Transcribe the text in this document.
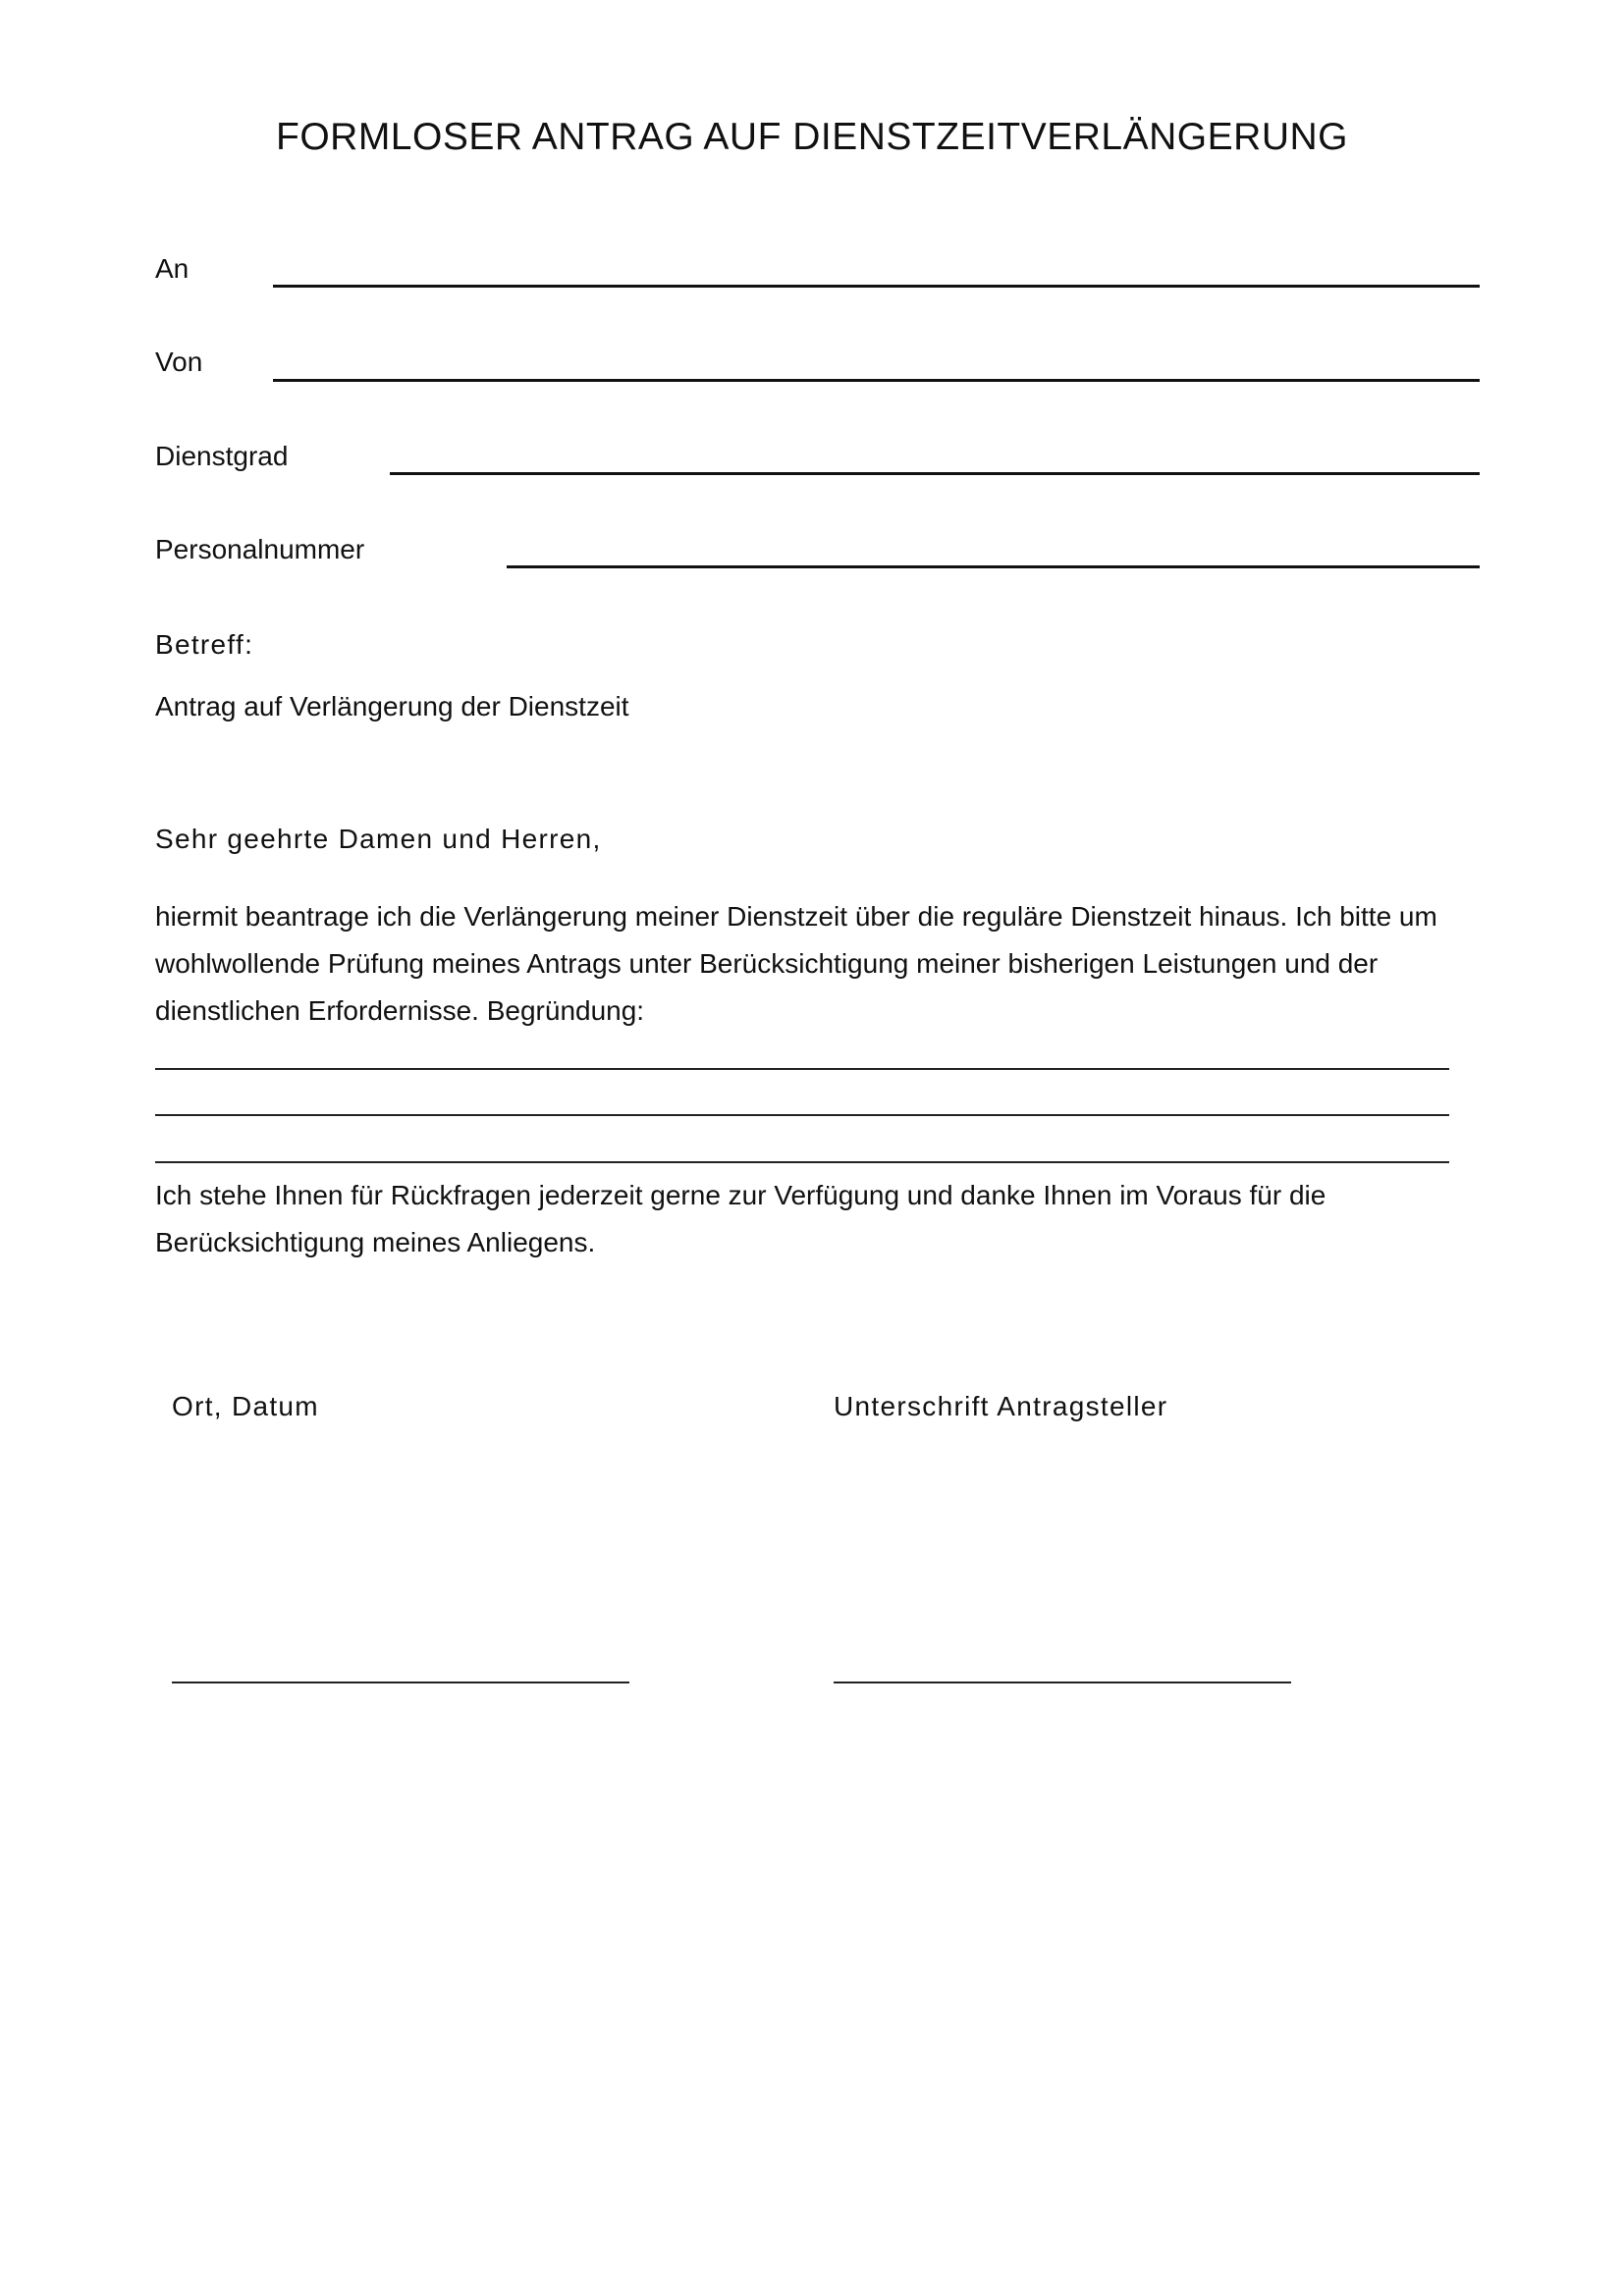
FORMLOSER ANTRAG AUF DIENSTZEITVERLÄNGERUNG
An
Von
Dienstgrad
Personalnummer
Betreff:
Antrag auf Verlängerung der Dienstzeit
Sehr geehrte Damen und Herren,

hiermit beantrage ich die Verlängerung meiner Dienstzeit über die reguläre Dienstzeit hinaus. Ich bitte um wohlwollende Prüfung meines Antrags unter Berücksichtigung meiner bisherigen Leistungen und der dienstlichen Erfordernisse. Begründung:

Ich stehe Ihnen für Rückfragen jederzeit gerne zur Verfügung und danke Ihnen im Voraus für die Berücksichtigung meines Anliegens.

Ort, Datum	Unterschrift Antragsteller
